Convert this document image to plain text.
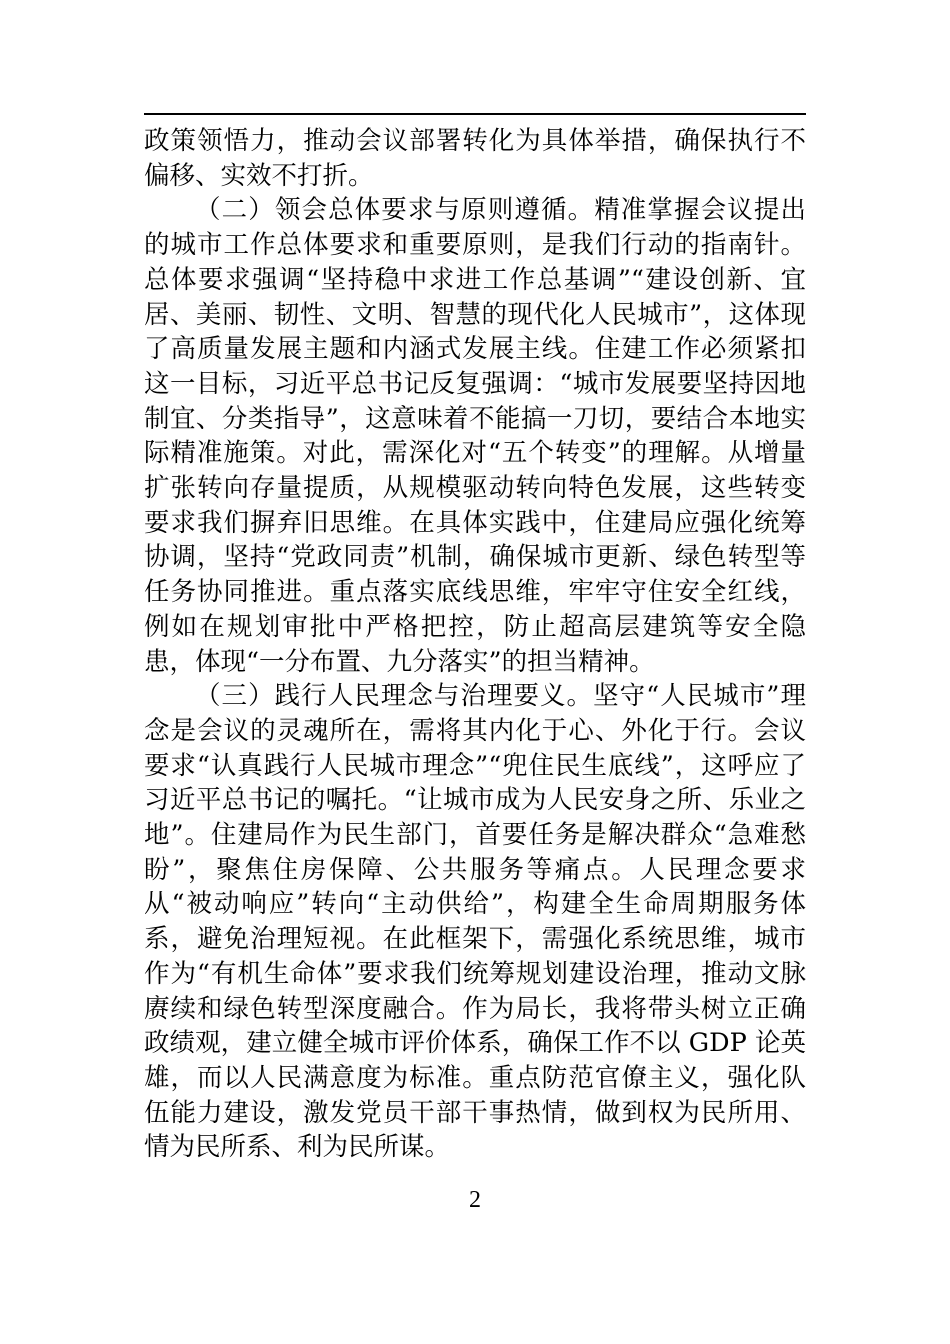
政策领悟力，推动会议部署转化为具体举措，确保执行不偏移、实效不打折。

（二）领会总体要求与原则遵循。精准掌握会议提出的城市工作总体要求和重要原则，是我们行动的指南针。总体要求强调“坚持稳中求进工作总基调”“建设创新、宜居、美丽、韧性、文明、智慧的现代化人民城市”，这体现了高质量发展主题和内涵式发展主线。住建工作必须紧扣这一目标，习近平总书记反复强调：“城市发展要坚持因地制宜、分类指导”，这意味着不能搞一刀切，要结合本地实际精准施策。对此，需深化对“五个转变”的理解。从增量扩张转向存量提质，从规模驱动转向特色发展，这些转变要求我们摒弃旧思维。在具体实践中，住建局应强化统筹协调，坚持“党政同责”机制，确保城市更新、绿色转型等任务协同推进。重点落实底线思维，牢牢守住安全红线，例如在规划审批中严格把控，防止超高层建筑等安全隐患，体现“一分布置、九分落实”的担当精神。

（三）践行人民理念与治理要义。坚守“人民城市”理念是会议的灵魂所在，需将其内化于心、外化于行。会议要求“认真践行人民城市理念”“兜住民生底线”，这呼应了习近平总书记的嘱托。“让城市成为人民安身之所、乐业之地”。住建局作为民生部门，首要任务是解决群众“急难愁盼”，聚焦住房保障、公共服务等痛点。人民理念要求从“被动响应”转向“主动供给”，构建全生命周期服务体系，避免治理短视。在此框架下，需强化系统思维，城市作为“有机生命体”要求我们统筹规划建设治理，推动文脉赓续和绿色转型深度融合。作为局长，我将带头树立正确政绩观，建立健全城市评价体系，确保工作不以 GDP 论英雄，而以人民满意度为标准。重点防范官僚主义，强化队伍能力建设，激发党员干部干事热情，做到权为民所用、情为民所系、利为民所谋。

2
